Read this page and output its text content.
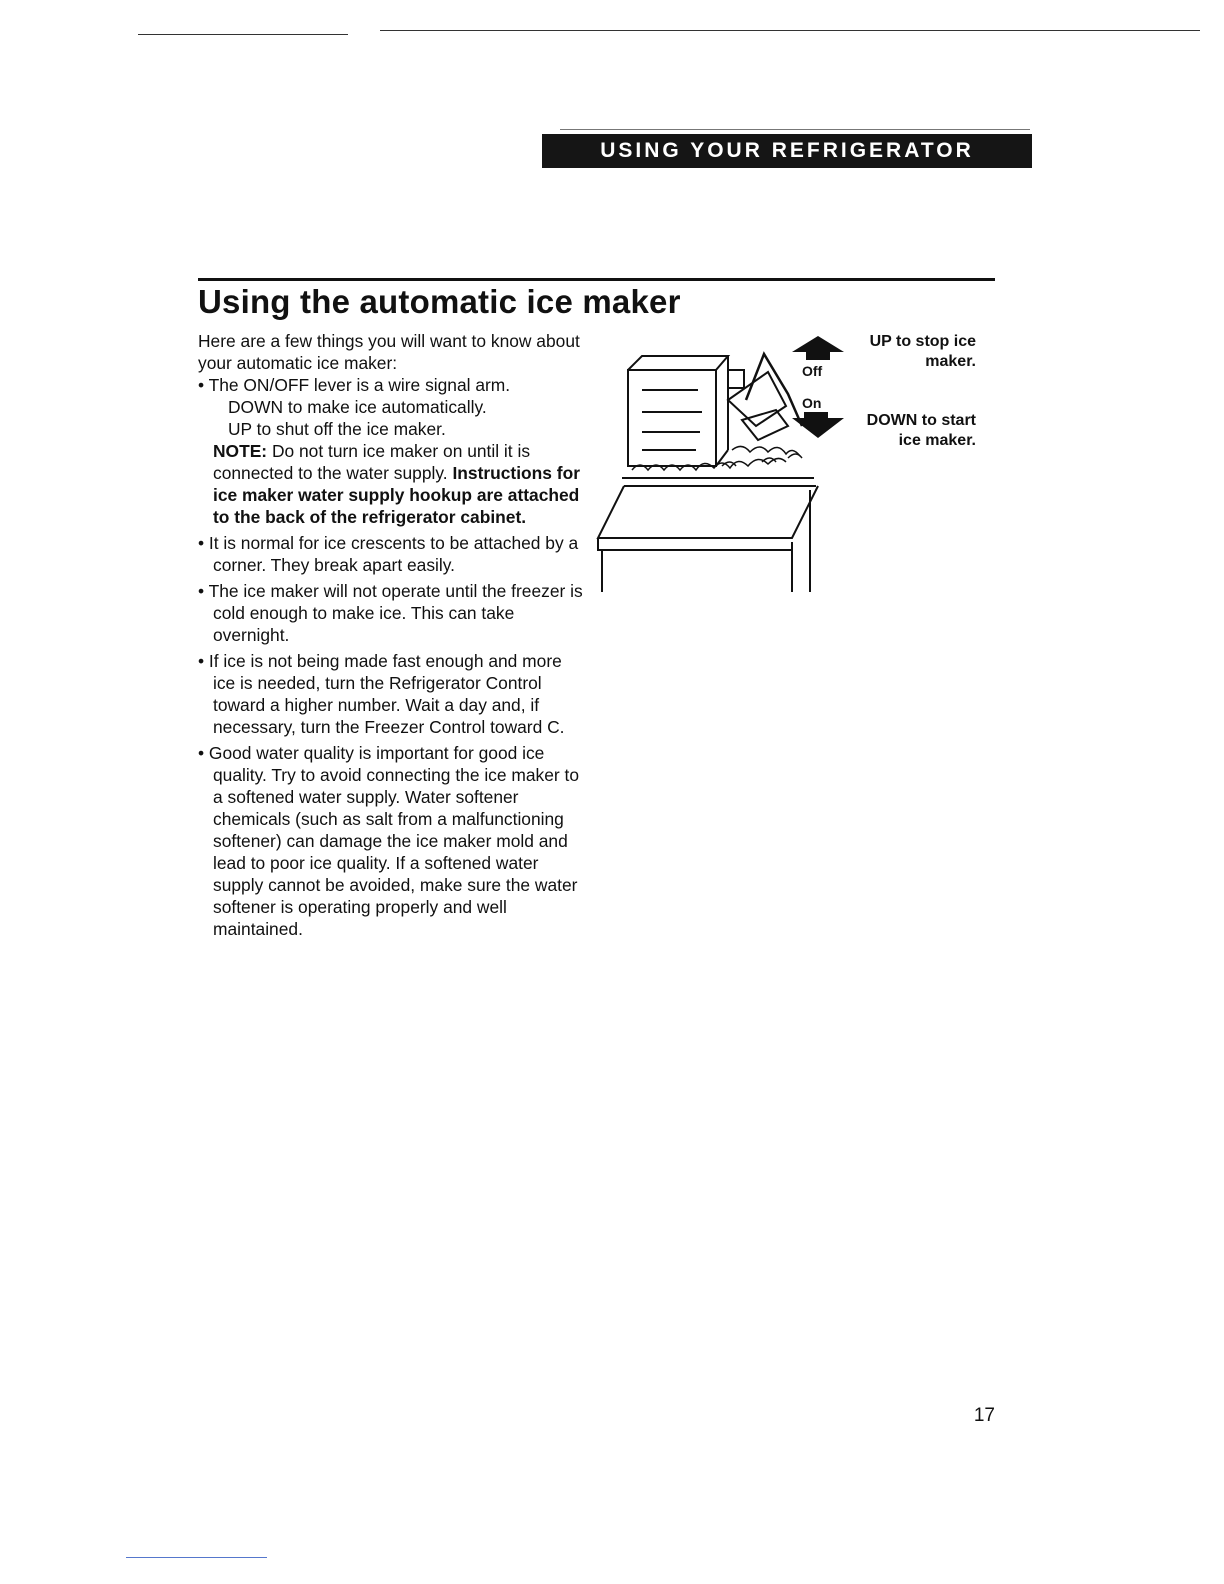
USING YOUR REFRIGERATOR
Using the automatic ice maker

Here are a few things you will want to know about your automatic ice maker:

• The ON/OFF lever is a wire signal arm.

DOWN to make ice automatically.

UP to shut off the ice maker.

NOTE: Do not turn ice maker on until it is connected to the water supply. Instructions for ice maker water supply hookup are attached to the back of the refrigerator cabinet.

• It is normal for ice crescents to be attached by a corner. They break apart easily.

• The ice maker will not operate until the freezer is cold enough to make ice. This can take overnight.

• If ice is not being made fast enough and more ice is needed, turn the Refrigerator Control toward a higher number. Wait a day and, if necessary, turn the Freezer Control toward C.

• Good water quality is important for good ice quality. Try to avoid connecting the ice maker to a softened water supply. Water softener chemicals (such as salt from a malfunctioning softener) can damage the ice maker mold and lead to poor ice quality. If a softened water supply cannot be avoided, make sure the water softener is operating properly and well maintained.

Off
On
UP to stop ice maker.
DOWN to start ice maker.
17
